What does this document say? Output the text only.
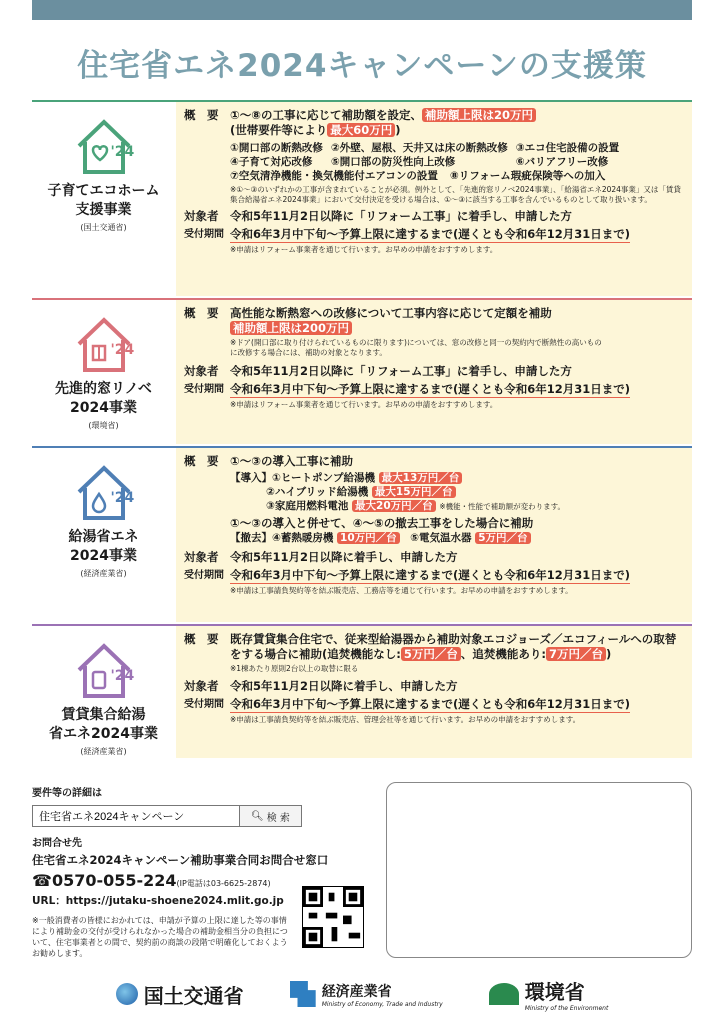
住宅省エネ2024キャンペーンの支援策
'24
子育てエコホーム
支援事業
(国土交通省)
概　要	①〜⑧の工事に応じて補助額を設定、 補助額上限は20万円
(世帯要件等により 最大60万円 )
①開口部の断熱改修 ②外壁、屋根、天井又は床の断熱改修 ③エコ住宅設備の設置
④子育て対応改修	⑤開口部の防災性向上改修	⑥バリアフリー改修
⑦空気清浄機能・換気機能付エアコンの設置 ⑧リフォーム瑕疵保険等への加入
※①〜③のいずれかの工事が含まれていることが必須。例外として、「先進的窓リノベ2024事業」、「給湯省エネ2024事業」又は「賃貸集合給湯省エネ2024事業」において交付決定を受ける場合は、①〜③に該当する工事を含んでいるものとして取り扱います。
対象者	令和5年11月2日以降に「リフォーム工事」に着手し、申請した方
受付期間 令和6年3月中下旬〜予算上限に達するまで(遅くとも令和6年12月31日まで)
※申請はリフォーム事業者を通じて行います。お早めの申請をおすすめします。
'24
先進的窓リノベ
2024事業
(環境省)
概　要	高性能な断熱窓への改修について工事内容に応じて定額を補助
補助額上限は200万円
※ドア(開口部に取り付けられているものに限ります)については、窓の改修と同一の契約内で断熱性の高いものに改修する場合には、補助の対象となります。
対象者	令和5年11月2日以降に「リフォーム工事」に着手し、申請した方
受付期間 令和6年3月中下旬〜予算上限に達するまで(遅くとも令和6年12月31日まで)
※申請はリフォーム事業者を通じて行います。お早めの申請をおすすめします。
'24
給湯省エネ
2024事業
(経済産業省)
概　要	①〜③の導入工事に補助
【導入】①ヒートポンプ給湯機 最大13万円／台
②ハイブリッド給湯機 最大15万円／台
③家庭用燃料電池 最大20万円／台 ※機能・性能で補助額が変わります。
①〜③の導入と併せて、④〜⑤の撤去工事をした場合に補助
【撤去】④蓄熱暖房機 10万円／台　 ⑤電気温水器 5万円／台
対象者	令和5年11月2日以降に着手し、申請した方
受付期間 令和6年3月中下旬〜予算上限に達するまで(遅くとも令和6年12月31日まで)
※申請は工事請負契約等を結ぶ販売店、工務店等を通じて行います。お早めの申請をおすすめします。
'24
賃貸集合給湯
省エネ2024事業
(経済産業省)
概　要	既存賃貸集合住宅で、従来型給湯器から補助対象エコジョーズ／エコフィールへの取替をする場合に補助(追焚機能なし: 5万円／台 、追焚機能あり: 7万円／台 )
※1棟あたり原則2台以上の取替に限る
対象者	令和5年11月2日以降に着手し、申請した方
受付期間 令和6年3月中下旬〜予算上限に達するまで(遅くとも令和6年12月31日まで)
※申請は工事請負契約等を結ぶ販売店、管理会社等を通じて行います。お早めの申請をおすすめします。
要件等の詳細は
住宅省エネ2024キャンペーン
🔍︎ 検 索
お問合せ先
住宅省エネ2024キャンペーン補助事業合同お問合せ窓口
☎0570-055-224(IP電話は03-6625-2874)
URL：https://jutaku-shoene2024.mlit.go.jp
※一般消費者の皆様におかれては、申請が予算の上限に達した等の事情により補助金の交付が受けられなかった場合の補助金相当分の負担について、住宅事業者との間で、契約前の商談の段階で明確化しておくようお勧めします。
国土交通省	経済産業省
Ministry of Economy, Trade and Industry	環境省
Ministry of the Environment
